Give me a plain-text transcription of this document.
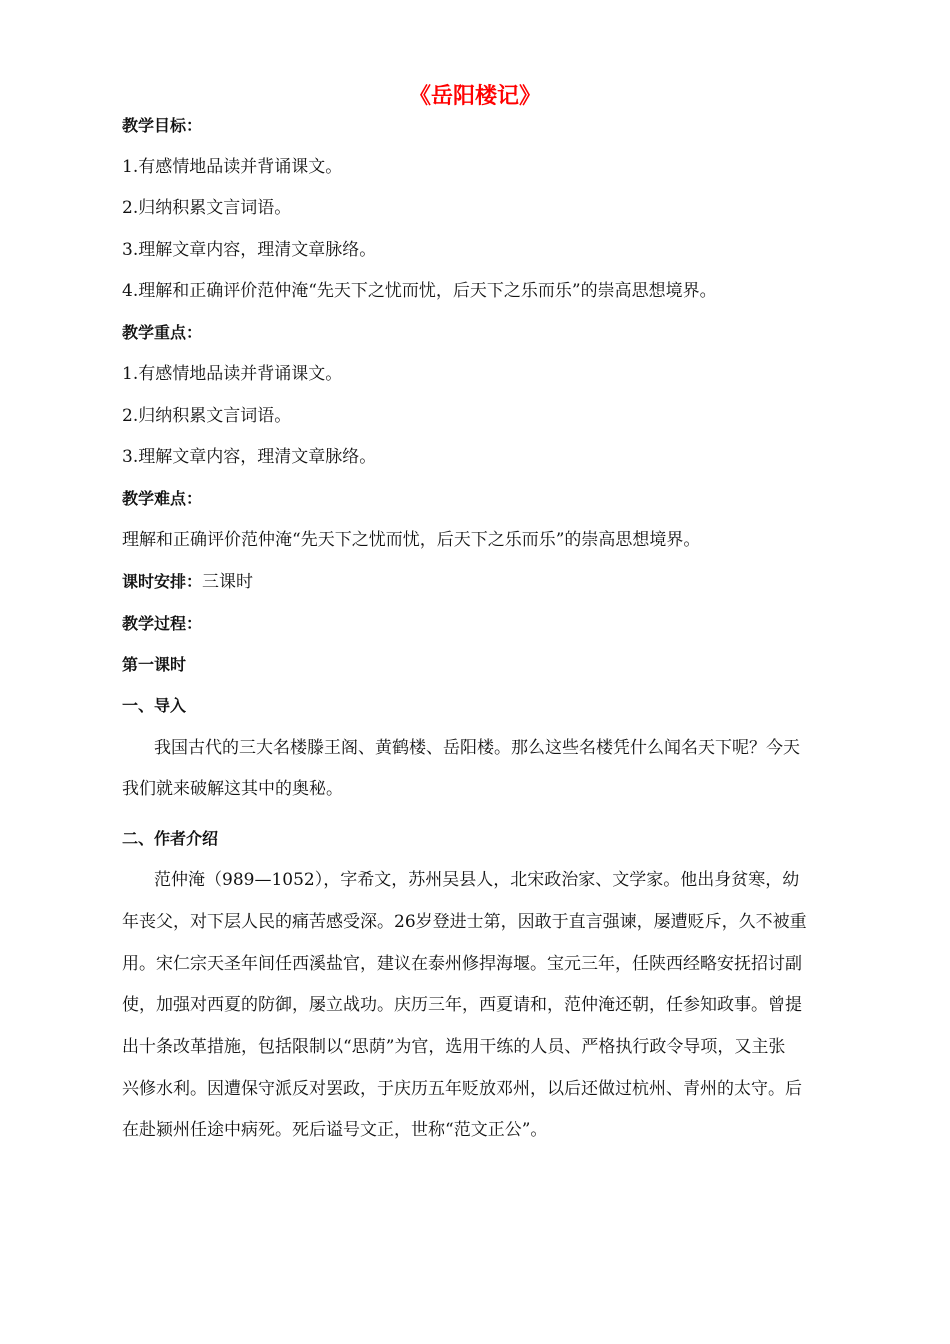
《岳阳楼记》
教学目标：
1.有感情地品读并背诵课文。
2.归纳积累文言词语。
3.理解文章内容，理清文章脉络。
4.理解和正确评价范仲淹“先天下之忧而忧，后天下之乐而乐”的崇高思想境界。
教学重点：
1.有感情地品读并背诵课文。
2.归纳积累文言词语。
3.理解文章内容，理清文章脉络。
教学难点：
理解和正确评价范仲淹“先天下之忧而忧，后天下之乐而乐”的崇高思想境界。
课时安排：三课时
教学过程：
第一课时
一、导入
我国古代的三大名楼滕王阁、黄鹤楼、岳阳楼。那么这些名楼凭什么闻名天下呢？今天
我们就来破解这其中的奥秘。
二、作者介绍
范仲淹（989—1052），字希文，苏州吴县人，北宋政治家、文学家。他出身贫寒，幼
年丧父，对下层人民的痛苦感受深。26岁登进士第，因敢于直言强谏，屡遭贬斥，久不被重
用。宋仁宗天圣年间任西溪盐官，建议在泰州修捍海堰。宝元三年，任陕西经略安抚招讨副
使，加强对西夏的防御，屡立战功。庆历三年，西夏请和，范仲淹还朝，任参知政事。曾提
出十条改革措施，包括限制以“思荫”为官，选用干练的人员、严格执行政令导项，又主张
兴修水利。因遭保守派反对罢政，于庆历五年贬放邓州，以后还做过杭州、青州的太守。后
在赴颍州任途中病死。死后谥号文正，世称“范文正公”。
